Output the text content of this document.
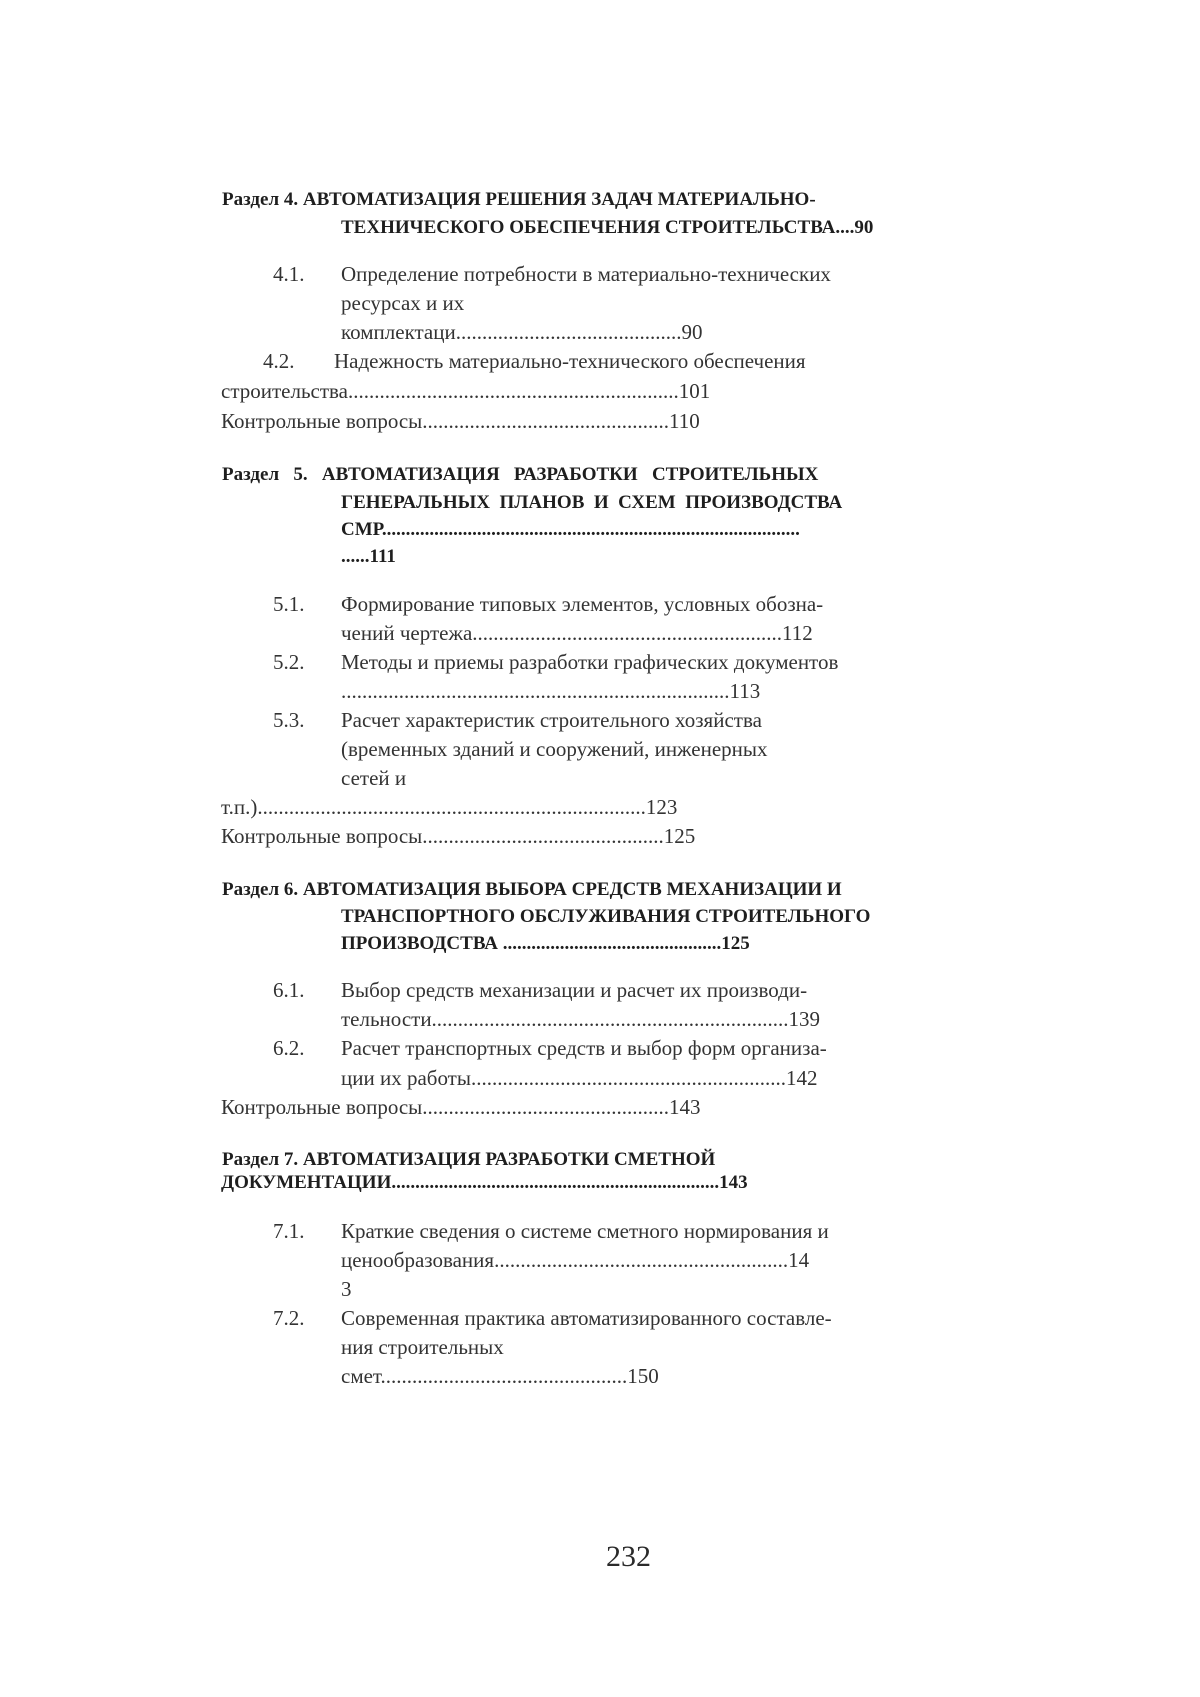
Раздел 4. АВТОМАТИЗАЦИЯ РЕШЕНИЯ ЗАДАЧ МАТЕРИАЛЬНО-
ТЕХНИЧЕСКОГО ОБЕСПЕЧЕНИЯ СТРОИТЕЛЬСТВА....90
4.1. Определение потребности в материально-технических
ресурсах и их
комплектаци...........................................90
4.2. Надежность материально-технического обеспечения
строительства...............................................................101
Контрольные вопросы...............................................110
Раздел   5.   АВТОМАТИЗАЦИЯ   РАЗРАБОТКИ   СТРОИТЕЛЬНЫХ
ГЕНЕРАЛЬНЫХ  ПЛАНОВ  И  СХЕМ  ПРОИЗВОДСТВА
СМР........................................................................................
......111
5.1. Формирование типовых элементов, условных обозна-
чений чертежа...........................................................112
5.2. Методы и приемы разработки графических документов
..........................................................................113
5.3. Расчет характеристик строительного хозяйства
(временных зданий и сооружений, инженерных
сетей и
т.п.)..........................................................................123
Контрольные вопросы..............................................125
Раздел 6. АВТОМАТИЗАЦИЯ ВЫБОРА СРЕДСТВ МЕХАНИЗАЦИИ И
ТРАНСПОРТНОГО ОБСЛУЖИВАНИЯ СТРОИТЕЛЬНОГО
ПРОИЗВОДСТВА ..............................................125
6.1. Выбор средств механизации и расчет их производи-
тельности....................................................................139
6.2. Расчет транспортных средств и выбор форм организа-
ции их работы............................................................142
Контрольные вопросы...............................................143
Раздел 7. АВТОМАТИЗАЦИЯ РАЗРАБОТКИ СМЕТНОЙ
ДОКУМЕНТАЦИИ.....................................................................143
7.1. Краткие сведения о системе сметного нормирования и
ценообразования........................................................14
3
7.2. Современная практика автоматизированного составле-
ния строительных
смет...............................................150
232
